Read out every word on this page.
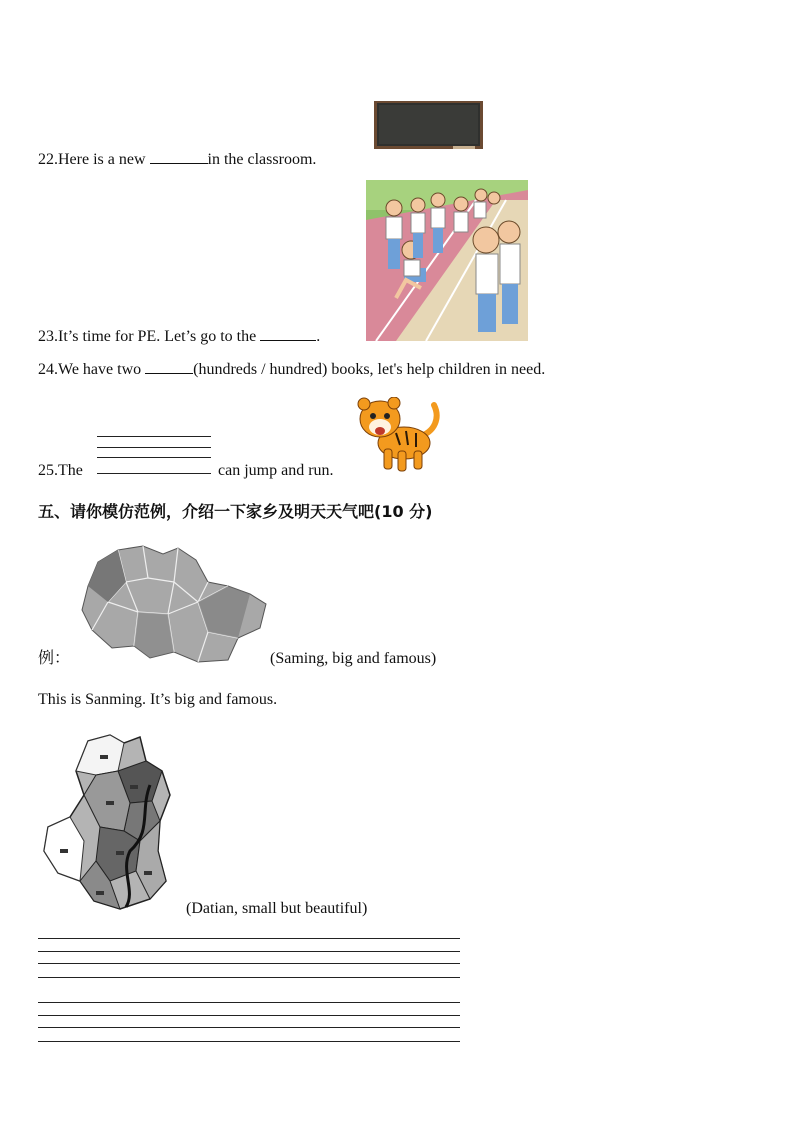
22.Here is a new	in the classroom.
23.It’s time for PE. Let’s go to the	.
24.We have two	(hundreds / hundred) books, let's help children in need.
25.The	can jump and run.
五、请你模仿范例，介绍一下家乡及明天天气吧(10 分)
例：	(Saming, big and famous)
This is Sanming. It’s big and famous.
(Datian, small but beautiful)
